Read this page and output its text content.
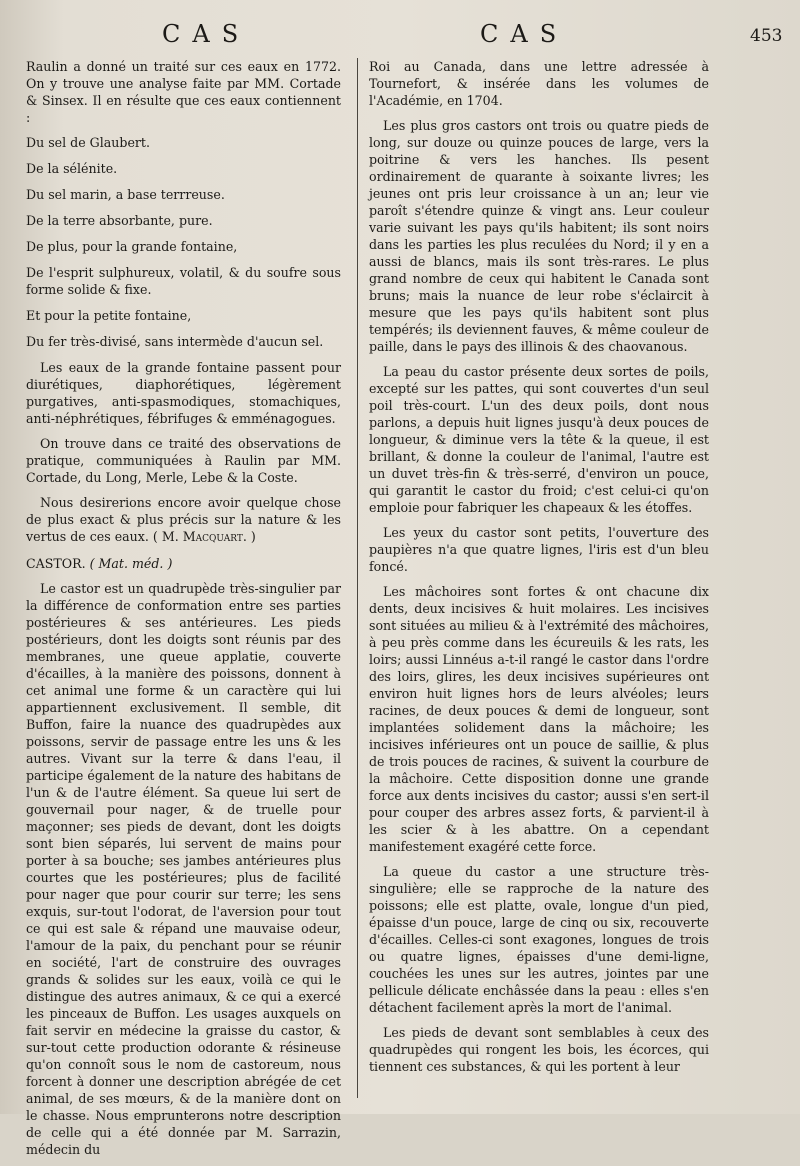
CAS	CAS	453

Raulin a donné un traité sur ces eaux en 1772. On y trouve une analyse faite par MM. Cortade & Sinsex. Il en résulte que ces eaux contiennent :

Du sel de Glaubert.

De la sélénite.

Du sel marin, a base terrreuse.

De la terre absorbante, pure.

De plus, pour la grande fontaine,

De l'esprit sulphureux, volatil, & du soufre sous forme solide & fixe.

Et pour la petite fontaine,

Du fer très-divisé, sans intermède d'aucun sel.

Les eaux de la grande fontaine passent pour diurétiques, diaphorétiques, légèrement purgatives, anti-spasmodiques, stomachiques, anti-néphrétiques, fébrifuges & emménagogues.

On trouve dans ce traité des observations de pratique, communiquées à Raulin par MM. Cortade, du Long, Merle, Lebe & la Coste.

Nous desirerions encore avoir quelque chose de plus exact & plus précis sur la nature & les vertus de ces eaux. ( M. Macquart. )

CASTOR. ( Mat. méd. )

Le castor est un quadrupède très-singulier par la différence de conformation entre ses parties postérieures & ses antérieures. Les pieds postérieurs, dont les doigts sont réunis par des membranes, une queue applatie, couverte d'écailles, à la manière des poissons, donnent à cet animal une forme & un caractère qui lui appartiennent exclusivement. Il semble, dit Buffon, faire la nuance des quadrupèdes aux poissons, servir de passage entre les uns & les autres. Vivant sur la terre & dans l'eau, il participe également de la nature des habitans de l'un & de l'autre élément. Sa queue lui sert de gouvernail pour nager, & de truelle pour maçonner; ses pieds de devant, dont les doigts sont bien séparés, lui servent de mains pour porter à sa bouche; ses jambes antérieures plus courtes que les postérieures; plus de facilité pour nager que pour courir sur terre; les sens exquis, sur-tout l'odorat, de l'aversion pour tout ce qui est sale & répand une mauvaise odeur, l'amour de la paix, du penchant pour se réunir en société, l'art de construire des ouvrages grands & solides sur les eaux, voilà ce qui le distingue des autres animaux, & ce qui a exercé les pinceaux de Buffon. Les usages auxquels on fait servir en médecine la graisse du castor, & sur-tout cette production odorante & résineuse qu'on connoît sous le nom de castoreum, nous forcent à donner une description abrégée de cet animal, de ses mœurs, & de la manière dont on le chasse. Nous emprunterons notre description de celle qui a été donnée par M. Sarrazin, médecin du

Roi au Canada, dans une lettre adressée à Tournefort, & insérée dans les volumes de l'Académie, en 1704.

Les plus gros castors ont trois ou quatre pieds de long, sur douze ou quinze pouces de large, vers la poitrine & vers les hanches. Ils pesent ordinairement de quarante à soixante livres; les jeunes ont pris leur croissance à un an; leur vie paroît s'étendre quinze & vingt ans. Leur couleur varie suivant les pays qu'ils habitent; ils sont noirs dans les parties les plus reculées du Nord; il y en a aussi de blancs, mais ils sont très-rares. Le plus grand nombre de ceux qui habitent le Canada sont bruns; mais la nuance de leur robe s'éclaircit à mesure que les pays qu'ils habitent sont plus tempérés; ils deviennent fauves, & même couleur de paille, dans le pays des illinois & des chaovanous.

La peau du castor présente deux sortes de poils, excepté sur les pattes, qui sont couvertes d'un seul poil très-court. L'un des deux poils, dont nous parlons, a depuis huit lignes jusqu'à deux pouces de longueur, & diminue vers la tête & la queue, il est brillant, & donne la couleur de l'animal, l'autre est un duvet très-fin & très-serré, d'environ un pouce, qui garantit le castor du froid; c'est celui-ci qu'on emploie pour fabriquer les chapeaux & les étoffes.

Les yeux du castor sont petits, l'ouverture des paupières n'a que quatre lignes, l'iris est d'un bleu foncé.

Les mâchoires sont fortes & ont chacune dix dents, deux incisives & huit molaires. Les incisives sont situées au milieu & à l'extrémité des mâchoires, à peu près comme dans les écureuils & les rats, les loirs; aussi Linnéus a-t-il rangé le castor dans l'ordre des loirs, glires, les deux incisives supérieures ont environ huit lignes hors de leurs alvéoles; leurs racines, de deux pouces & demi de longueur, sont implantées solidement dans la mâchoire; les incisives inférieures ont un pouce de saillie, & plus de trois pouces de racines, & suivent la courbure de la mâchoire. Cette disposition donne une grande force aux dents incisives du castor; aussi s'en sert-il pour couper des arbres assez forts, & parvient-il à les scier & à les abattre. On a cependant manifestement exagéré cette force.

La queue du castor a une structure très-singulière; elle se rapproche de la nature des poissons; elle est platte, ovale, longue d'un pied, épaisse d'un pouce, large de cinq ou six, recouverte d'écailles. Celles-ci sont exagones, longues de trois ou quatre lignes, épaisses d'une demi-ligne, couchées les unes sur les autres, jointes par une pellicule délicate enchâssée dans la peau : elles s'en détachent facilement après la mort de l'animal.

Les pieds de devant sont semblables à ceux des quadrupèdes qui rongent les bois, les écorces, qui tiennent ces substances, & qui les portent à leur
